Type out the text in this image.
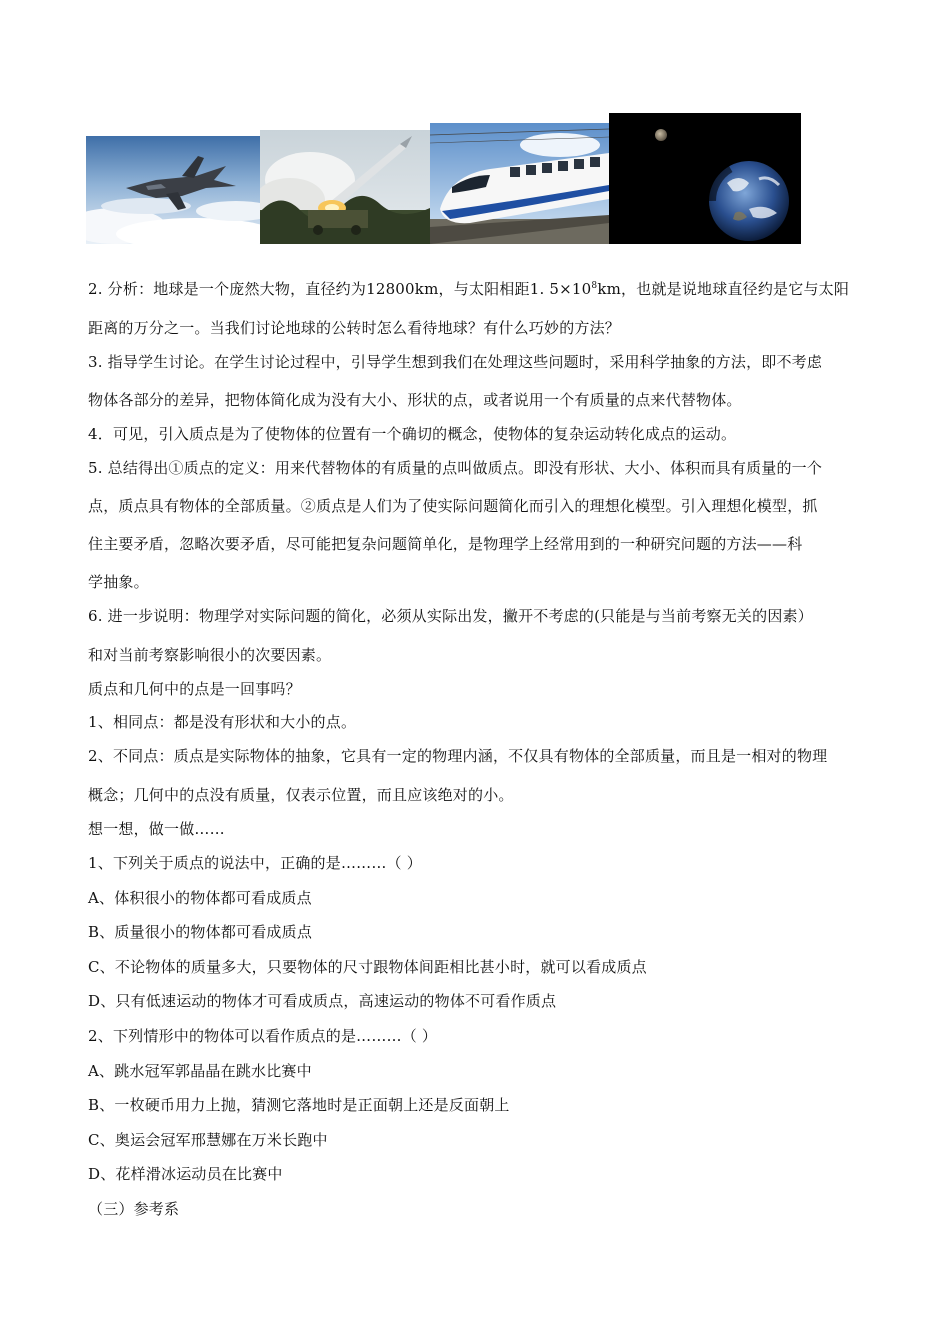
2. 分析：地球是一个庞然大物，直径约为12800km，与太阳相距1. $5\times 10^8km$，也就是说地球直径约是它与太阳
距离的万分之一。当我们讨论地球的公转时怎么看待地球？有什么巧妙的方法？
3. 指导学生讨论。在学生讨论过程中，引导学生想到我们在处理这些问题时，采用科学抽象的方法，即不考虑
物体各部分的差异，把物体简化成为没有大小、形状的点，或者说用一个有质量的点来代替物体。
4．可见，引入质点是为了使物体的位置有一个确切的概念，使物体的复杂运动转化成点的运动。
5. 总结得出①质点的定义：用来代替物体的有质量的点叫做质点。即没有形状、大小、体积而具有质量的一个
点，质点具有物体的全部质量。②质点是人们为了使实际问题简化而引入的理想化模型。引入理想化模型，抓
住主要矛盾，忽略次要矛盾，尽可能把复杂问题简单化，是物理学上经常用到的一种研究问题的方法——科
学抽象。
6. 进一步说明：物理学对实际问题的简化，必须从实际出发，撇开不考虑的(只能是与当前考察无关的因素）
和对当前考察影响很小的次要因素。
质点和几何中的点是一回事吗？
1、相同点：都是没有形状和大小的点。
2、不同点：质点是实际物体的抽象，它具有一定的物理内涵，不仅具有物体的全部质量，而且是一相对的物理
概念；几何中的点没有质量，仅表示位置，而且应该绝对的小。
想一想，做一做……
1、下列关于质点的说法中，正确的是………（ ）
A、体积很小的物体都可看成质点
B、质量很小的物体都可看成质点
C、不论物体的质量多大，只要物体的尺寸跟物体间距相比甚小时，就可以看成质点
D、只有低速运动的物体才可看成质点，高速运动的物体不可看作质点
2、下列情形中的物体可以看作质点的是………（ ）
A、跳水冠军郭晶晶在跳水比赛中
B、一枚硬币用力上抛，猜测它落地时是正面朝上还是反面朝上
C、奥运会冠军邢慧娜在万米长跑中
D、花样滑冰运动员在比赛中
（三）参考系
